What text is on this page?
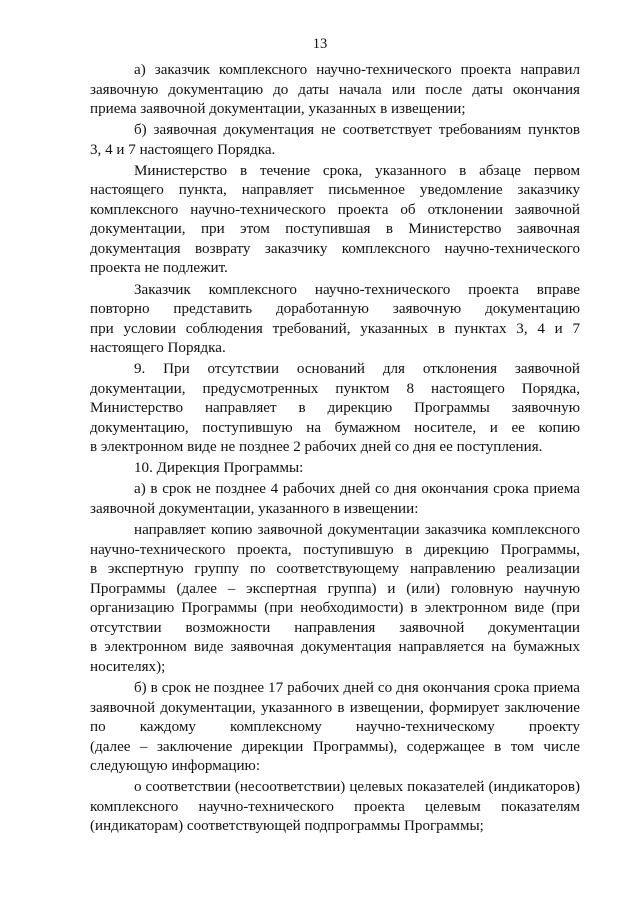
13

а) заказчик комплексного научно-технического проекта направил
заявочную документацию до даты начала или после даты окончания
приема заявочной документации, указанных в извещении;

б) заявочная документация не соответствует требованиям пунктов
3, 4 и 7 настоящего Порядка.

Министерство в течение срока, указанного в абзаце первом
настоящего пункта, направляет письменное уведомление заказчику
комплексного научно-технического проекта об отклонении заявочной
документации, при этом поступившая в Министерство заявочная
документация возврату заказчику комплексного научно-технического
проекта не подлежит.

Заказчик комплексного научно-технического проекта вправе
повторно представить доработанную заявочную документацию
при условии соблюдения требований, указанных в пунктах 3, 4 и 7
настоящего Порядка.

9. При отсутствии оснований для отклонения заявочной
документации, предусмотренных пунктом 8 настоящего Порядка,
Министерство направляет в дирекцию Программы заявочную
документацию, поступившую на бумажном носителе, и ее копию
в электронном виде не позднее 2 рабочих дней со дня ее поступления.

10. Дирекция Программы:

а) в срок не позднее 4 рабочих дней со дня окончания срока приема
заявочной документации, указанного в извещении:

направляет копию заявочной документации заказчика комплексного
научно-технического проекта, поступившую в дирекцию Программы,
в экспертную группу по соответствующему направлению реализации
Программы (далее – экспертная группа) и (или) головную научную
организацию Программы (при необходимости) в электронном виде (при
отсутствии возможности направления заявочной документации
в электронном виде заявочная документация направляется на бумажных
носителях);

б) в срок не позднее 17 рабочих дней со дня окончания срока приема
заявочной документации, указанного в извещении, формирует заключение
по каждому комплексному научно-техническому проекту
(далее – заключение дирекции Программы), содержащее в том числе
следующую информацию:

о соответствии (несоответствии) целевых показателей (индикаторов)
комплексного научно-технического проекта целевым показателям
(индикаторам) соответствующей подпрограммы Программы;
